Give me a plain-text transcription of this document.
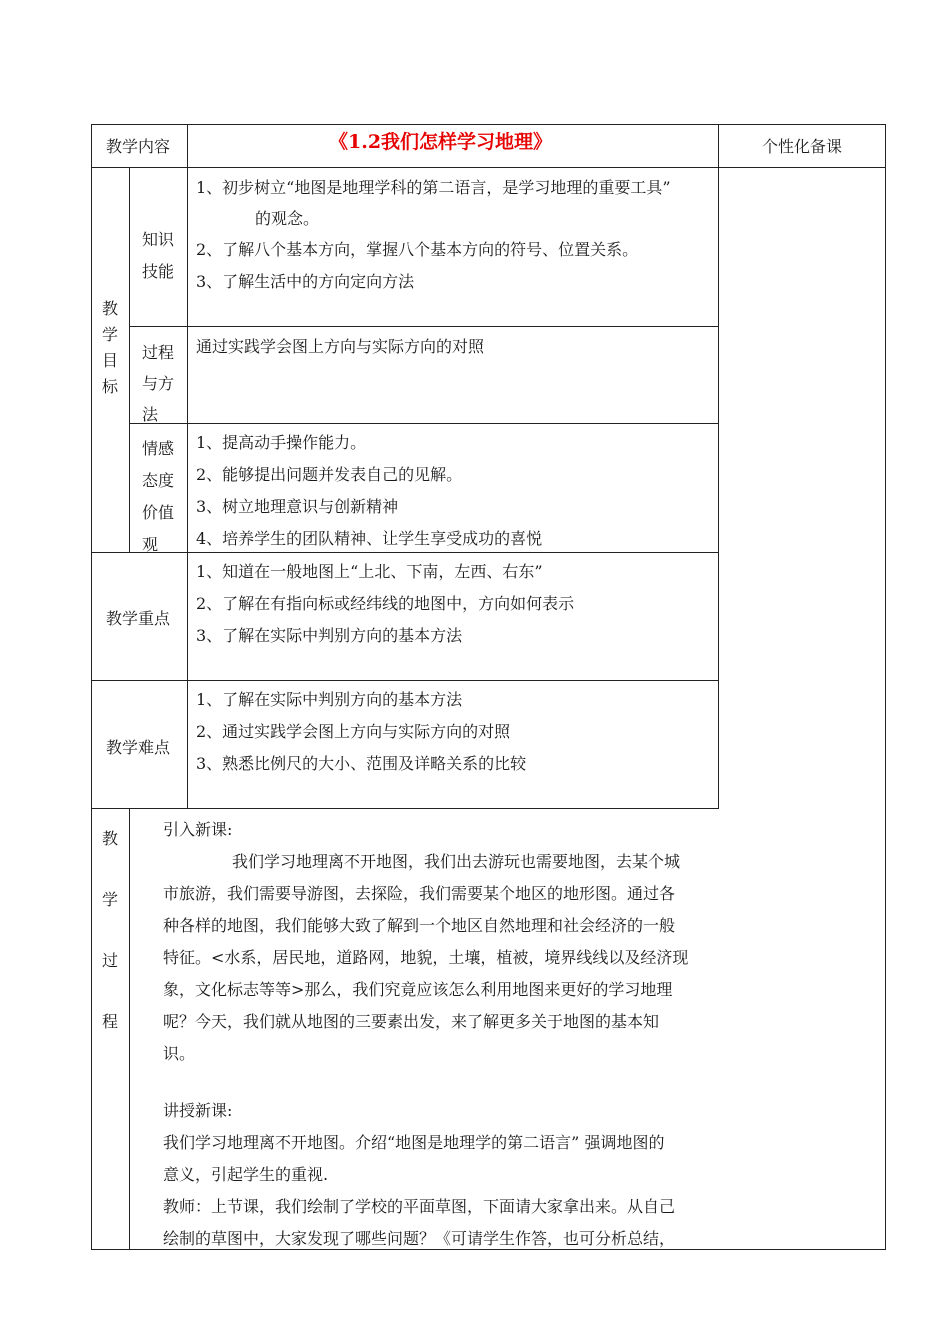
教学内容	《1.2我们怎样学习地理》	个性化备课
教
学
目
标
知识
技能
1、初步树立“地图是地理学科的第二语言，是学习地理的重要工具”
的观念。
2、了解八个基本方向，掌握八个基本方向的符号、位置关系。
3、了解生活中的方向定向方法
过程
与方
法
通过实践学会图上方向与实际方向的对照
情感
态度
价值
观
1、提高动手操作能力。
2、能够提出问题并发表自己的见解。
3、树立地理意识与创新精神
4、培养学生的团队精神、让学生享受成功的喜悦
教学重点
1、知道在一般地图上“上北、下南，左西、右东”
2、了解在有指向标或经纬线的地图中，方向如何表示
3、了解在实际中判别方向的基本方法
教学难点
1、了解在实际中判别方向的基本方法
2、通过实践学会图上方向与实际方向的对照
3、熟悉比例尺的大小、范围及详略关系的比较
教
学
过
程
引入新课:
我们学习地理离不开地图，我们出去游玩也需要地图，去某个城
市旅游，我们需要导游图，去探险，我们需要某个地区的地形图。通过各
种各样的地图，我们能够大致了解到一个地区自然地理和社会经济的一般
特征。<水系，居民地，道路网，地貌，土壤，植被，境界线线以及经济现
象，文化标志等等>那么，我们究竟应该怎么利用地图来更好的学习地理
呢？今天，我们就从地图的三要素出发，来了解更多关于地图的基本知
识。
讲授新课:
我们学习地理离不开地图。介绍“地图是地理学的第二语言” 强调地图的
意义，引起学生的重视.
教师：上节课，我们绘制了学校的平面草图，下面请大家拿出来。从自己
绘制的草图中，大家发现了哪些问题？《可请学生作答，也可分析总结，
